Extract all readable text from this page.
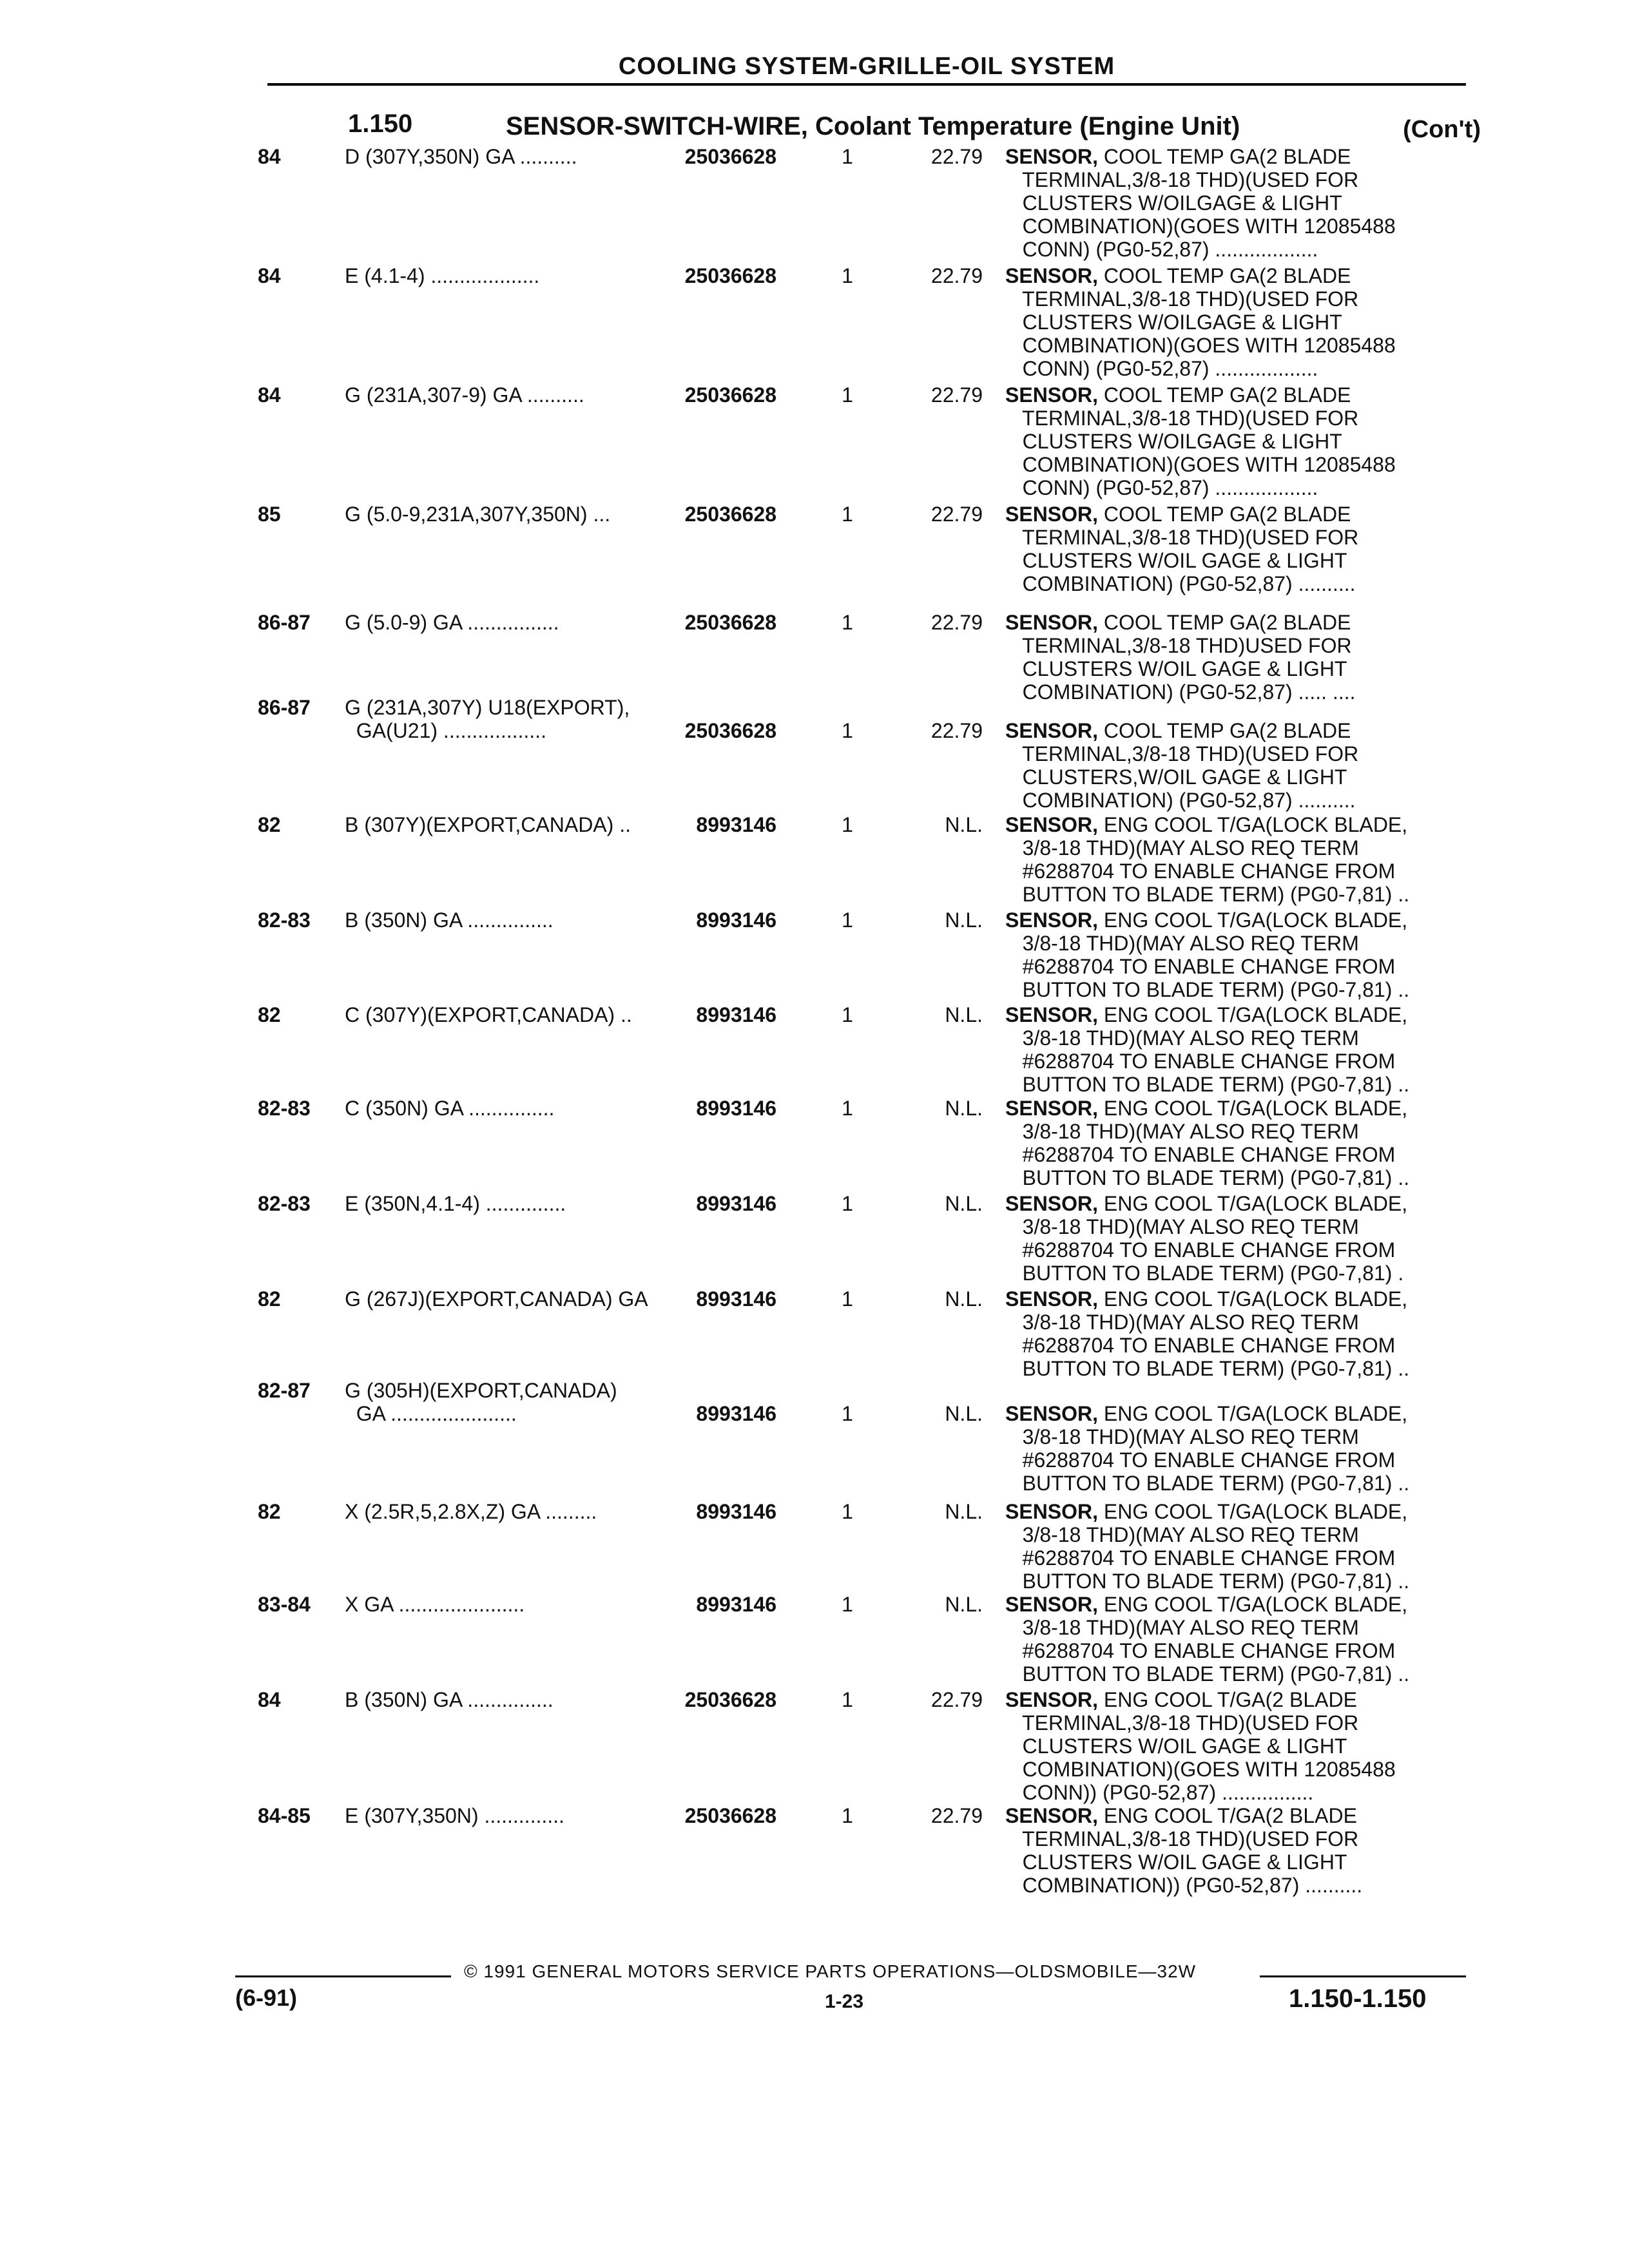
COOLING SYSTEM-GRILLE-OIL SYSTEM
1.150	SENSOR-SWITCH-WIRE, Coolant Temperature (Engine Unit)	(Con't)
84	D (307Y,350N) GA ..........	25036628	1	22.79 SENSOR, COOL TEMP GA(2 BLADE
TERMINAL,3/8-18 THD)(USED FOR
CLUSTERS W/OILGAGE & LIGHT
COMBINATION)(GOES WITH 12085488
CONN) (PG0-52,87) ..................
84	E (4.1-4) ...................	25036628	1	22.79 SENSOR, COOL TEMP GA(2 BLADE
TERMINAL,3/8-18 THD)(USED FOR
CLUSTERS W/OILGAGE & LIGHT
COMBINATION)(GOES WITH 12085488
CONN) (PG0-52,87) ..................
84	G (231A,307-9) GA ..........	25036628	1	22.79 SENSOR, COOL TEMP GA(2 BLADE
TERMINAL,3/8-18 THD)(USED FOR
CLUSTERS W/OILGAGE & LIGHT
COMBINATION)(GOES WITH 12085488
CONN) (PG0-52,87) ..................
85	G (5.0-9,231A,307Y,350N) ...	25036628	1	22.79 SENSOR, COOL TEMP GA(2 BLADE
TERMINAL,3/8-18 THD)(USED FOR
CLUSTERS W/OIL GAGE & LIGHT
COMBINATION) (PG0-52,87) ..........
86-87	G (5.0-9) GA ................	25036628	1	22.79 SENSOR, COOL TEMP GA(2 BLADE
TERMINAL,3/8-18 THD)USED FOR
CLUSTERS W/OIL GAGE & LIGHT
COMBINATION) (PG0-52,87) ..... ....
86-87	G (231A,307Y) U18(EXPORT),
GA(U21) ..................	25036628	1	22.79 SENSOR, COOL TEMP GA(2 BLADE
TERMINAL,3/8-18 THD)(USED FOR
CLUSTERS,W/OIL GAGE & LIGHT
COMBINATION) (PG0-52,87) ..........
82	B (307Y)(EXPORT,CANADA) ..	8993146	1	N.L. SENSOR, ENG COOL T/GA(LOCK BLADE,
3/8-18 THD)(MAY ALSO REQ TERM
#6288704 TO ENABLE CHANGE FROM
BUTTON TO BLADE TERM) (PG0-7,81) ..
82-83	B (350N) GA ...............	8993146	1	N.L. SENSOR, ENG COOL T/GA(LOCK BLADE,
3/8-18 THD)(MAY ALSO REQ TERM
#6288704 TO ENABLE CHANGE FROM
BUTTON TO BLADE TERM) (PG0-7,81) ..
82	C (307Y)(EXPORT,CANADA) ..	8993146	1	N.L. SENSOR, ENG COOL T/GA(LOCK BLADE,
3/8-18 THD)(MAY ALSO REQ TERM
#6288704 TO ENABLE CHANGE FROM
BUTTON TO BLADE TERM) (PG0-7,81) ..
82-83	C (350N) GA ...............	8993146	1	N.L. SENSOR, ENG COOL T/GA(LOCK BLADE,
3/8-18 THD)(MAY ALSO REQ TERM
#6288704 TO ENABLE CHANGE FROM
BUTTON TO BLADE TERM) (PG0-7,81) ..
82-83	E (350N,4.1-4) ..............	8993146	1	N.L. SENSOR, ENG COOL T/GA(LOCK BLADE,
3/8-18 THD)(MAY ALSO REQ TERM
#6288704 TO ENABLE CHANGE FROM
BUTTON TO BLADE TERM) (PG0-7,81) .
82	G (267J)(EXPORT,CANADA) GA	8993146	1	N.L. SENSOR, ENG COOL T/GA(LOCK BLADE,
3/8-18 THD)(MAY ALSO REQ TERM
#6288704 TO ENABLE CHANGE FROM
BUTTON TO BLADE TERM) (PG0-7,81) ..
82-87	G (305H)(EXPORT,CANADA)
GA ......................	8993146	1	N.L. SENSOR, ENG COOL T/GA(LOCK BLADE,
3/8-18 THD)(MAY ALSO REQ TERM
#6288704 TO ENABLE CHANGE FROM
BUTTON TO BLADE TERM) (PG0-7,81) ..
82	X (2.5R,5,2.8X,Z) GA .........	8993146	1	N.L. SENSOR, ENG COOL T/GA(LOCK BLADE,
3/8-18 THD)(MAY ALSO REQ TERM
#6288704 TO ENABLE CHANGE FROM
BUTTON TO BLADE TERM) (PG0-7,81) ..
83-84	X GA ......................	8993146	1	N.L. SENSOR, ENG COOL T/GA(LOCK BLADE,
3/8-18 THD)(MAY ALSO REQ TERM
#6288704 TO ENABLE CHANGE FROM
BUTTON TO BLADE TERM) (PG0-7,81) ..
84	B (350N) GA ...............	25036628	1	22.79 SENSOR, ENG COOL T/GA(2 BLADE
TERMINAL,3/8-18 THD)(USED FOR
CLUSTERS W/OIL GAGE & LIGHT
COMBINATION)(GOES WITH 12085488
CONN)) (PG0-52,87) ................
84-85	E (307Y,350N) ..............	25036628	1	22.79 SENSOR, ENG COOL T/GA(2 BLADE
TERMINAL,3/8-18 THD)(USED FOR
CLUSTERS W/OIL GAGE & LIGHT
COMBINATION)) (PG0-52,87) ..........
© 1991 GENERAL MOTORS SERVICE PARTS OPERATIONS—OLDSMOBILE—32W
(6-91)	1-23	1.150-1.150
